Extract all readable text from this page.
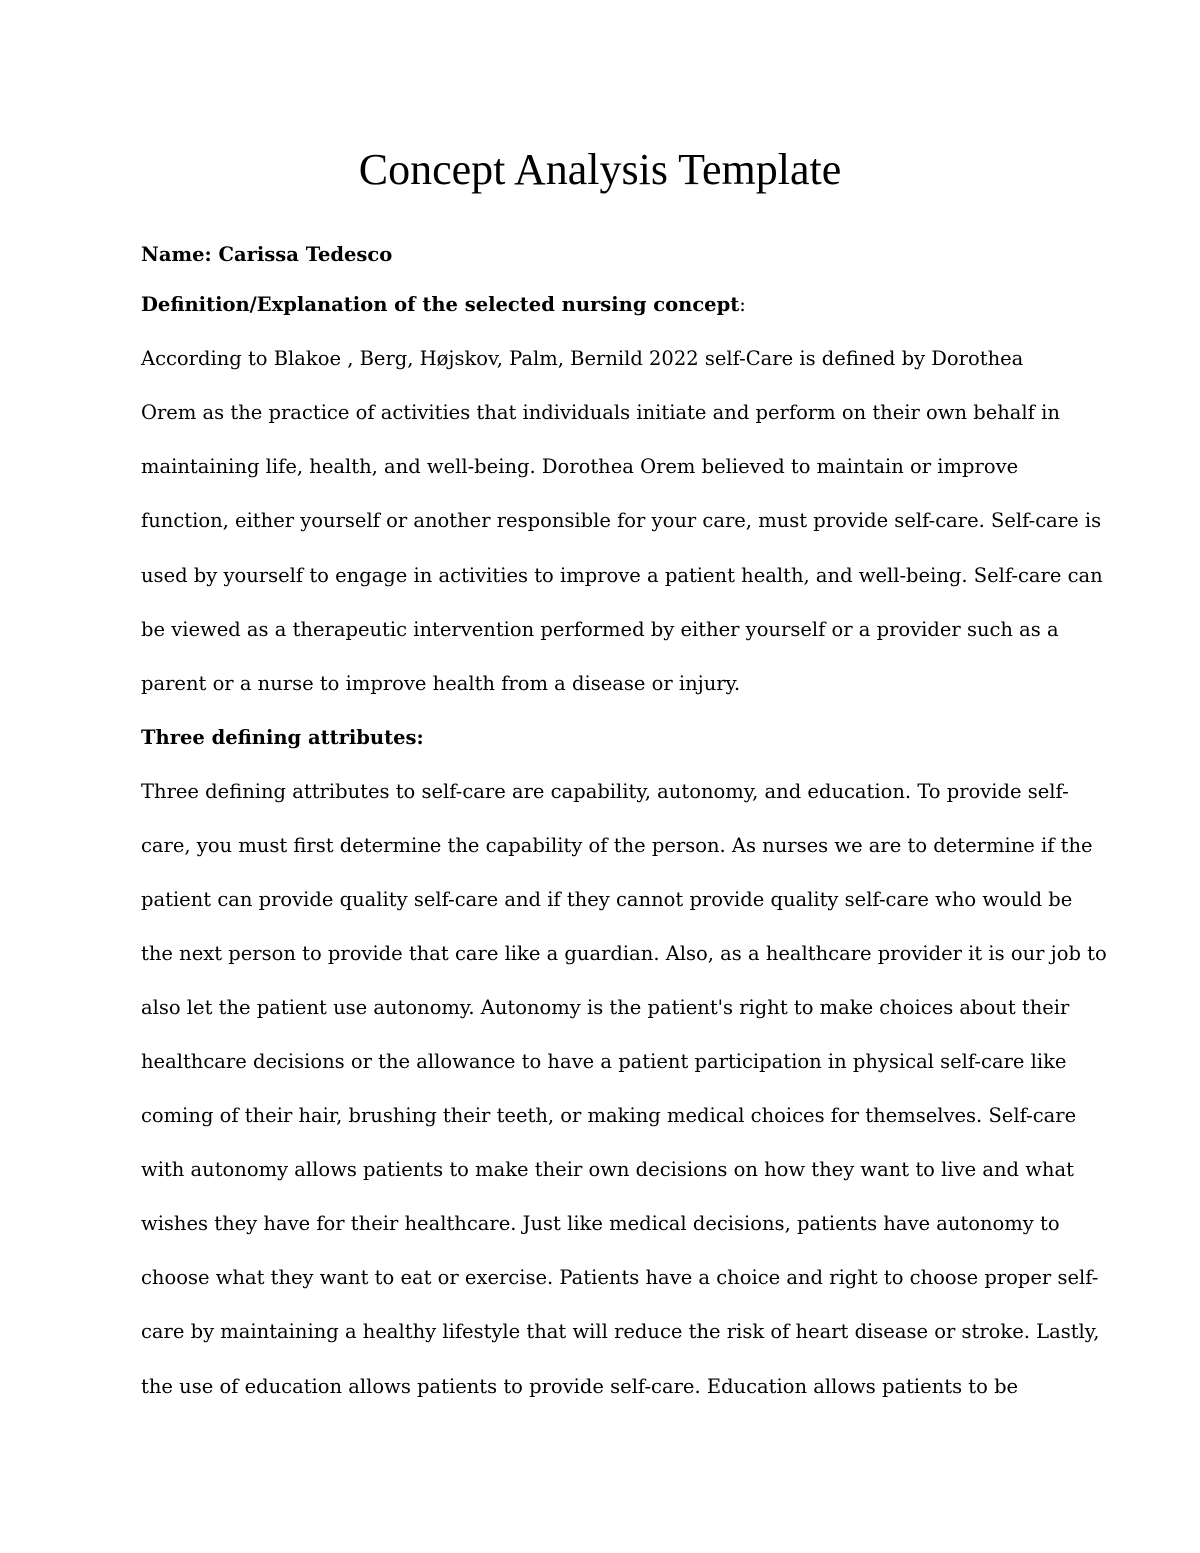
Concept Analysis Template

Name: Carissa Tedesco

Definition/Explanation of the selected nursing concept:

According to Blakoe , Berg, Højskov, Palm, Bernild 2022 self-Care is defined by Dorothea

Orem as the practice of activities that individuals initiate and perform on their own behalf in

maintaining life, health, and well-being. Dorothea Orem believed to maintain or improve

function, either yourself or another responsible for your care, must provide self-care. Self-care is

used by yourself to engage in activities to improve a patient health, and well-being. Self-care can

be viewed as a therapeutic intervention performed by either yourself or a provider such as a

parent or a nurse to improve health from a disease or injury.

Three defining attributes:

Three defining attributes to self-care are capability, autonomy, and education. To provide self-

care, you must first determine the capability of the person. As nurses we are to determine if the

patient can provide quality self-care and if they cannot provide quality self-care who would be

the next person to provide that care like a guardian. Also, as a healthcare provider it is our job to

also let the patient use autonomy. Autonomy is the patient's right to make choices about their

healthcare decisions or the allowance to have a patient participation in physical self-care like

coming of their hair, brushing their teeth, or making medical choices for themselves. Self-care

with autonomy allows patients to make their own decisions on how they want to live and what

wishes they have for their healthcare. Just like medical decisions, patients have autonomy to

choose what they want to eat or exercise. Patients have a choice and right to choose proper self-

care by maintaining a healthy lifestyle that will reduce the risk of heart disease or stroke. Lastly,

the use of education allows patients to provide self-care. Education allows patients to be
